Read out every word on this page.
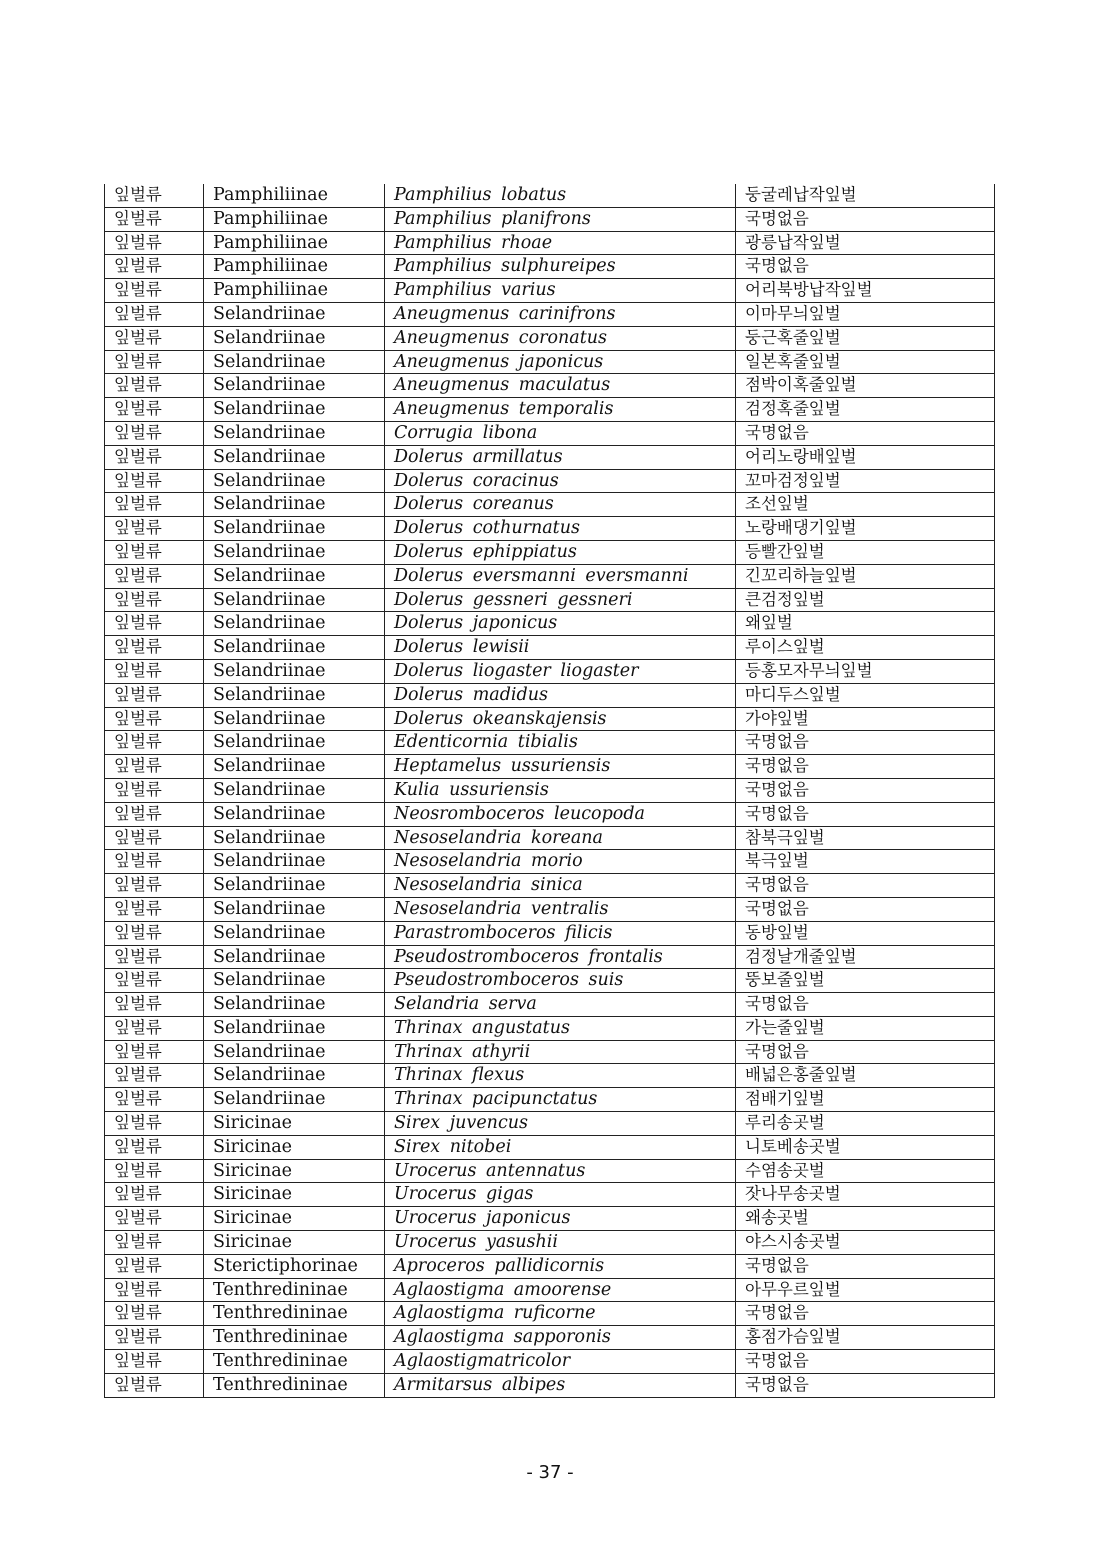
잎벌류	Pamphiliinae	Pamphilius lobatus	둥굴레납작잎벌
잎벌류	Pamphiliinae	Pamphilius planifrons	국명없음
잎벌류	Pamphiliinae	Pamphilius rhoae	광릉납작잎벌
잎벌류	Pamphiliinae	Pamphilius sulphureipes	국명없음
잎벌류	Pamphiliinae	Pamphilius varius	어리북방납작잎벌
잎벌류	Selandriinae	Aneugmenus carinifrons	이마무늬잎벌
잎벌류	Selandriinae	Aneugmenus coronatus	둥근혹줄잎벌
잎벌류	Selandriinae	Aneugmenus japonicus	일본혹줄잎벌
잎벌류	Selandriinae	Aneugmenus maculatus	점박이혹줄잎벌
잎벌류	Selandriinae	Aneugmenus temporalis	검정혹줄잎벌
잎벌류	Selandriinae	Corrugia libona	국명없음
잎벌류	Selandriinae	Dolerus armillatus	어리노랑배잎벌
잎벌류	Selandriinae	Dolerus coracinus	꼬마검정잎벌
잎벌류	Selandriinae	Dolerus coreanus	조선잎벌
잎벌류	Selandriinae	Dolerus cothurnatus	노랑배댕기잎벌
잎벌류	Selandriinae	Dolerus ephippiatus	등빨간잎벌
잎벌류	Selandriinae	Dolerus eversmanni eversmanni	긴꼬리하늘잎벌
잎벌류	Selandriinae	Dolerus gessneri gessneri	큰검정잎벌
잎벌류	Selandriinae	Dolerus japonicus	왜잎벌
잎벌류	Selandriinae	Dolerus lewisii	루이스잎벌
잎벌류	Selandriinae	Dolerus liogaster liogaster	등홍모자무늬잎벌
잎벌류	Selandriinae	Dolerus madidus	마디두스잎벌
잎벌류	Selandriinae	Dolerus okeanskajensis	가야잎벌
잎벌류	Selandriinae	Edenticornia tibialis	국명없음
잎벌류	Selandriinae	Heptamelus ussuriensis	국명없음
잎벌류	Selandriinae	Kulia ussuriensis	국명없음
잎벌류	Selandriinae	Neosromboceros leucopoda	국명없음
잎벌류	Selandriinae	Nesoselandria koreana	참북극잎벌
잎벌류	Selandriinae	Nesoselandria morio	북극잎벌
잎벌류	Selandriinae	Nesoselandria sinica	국명없음
잎벌류	Selandriinae	Nesoselandria ventralis	국명없음
잎벌류	Selandriinae	Parastromboceros filicis	동방잎벌
잎벌류	Selandriinae	Pseudostromboceros frontalis	검정날개줄잎벌
잎벌류	Selandriinae	Pseudostromboceros suis	뚱보줄잎벌
잎벌류	Selandriinae	Selandria serva	국명없음
잎벌류	Selandriinae	Thrinax angustatus	가는줄잎벌
잎벌류	Selandriinae	Thrinax athyrii	국명없음
잎벌류	Selandriinae	Thrinax flexus	배넓은홍줄잎벌
잎벌류	Selandriinae	Thrinax pacipunctatus	점배기잎벌
잎벌류	Siricinae	Sirex juvencus	루리송곳벌
잎벌류	Siricinae	Sirex nitobei	니토베송곳벌
잎벌류	Siricinae	Urocerus antennatus	수염송곳벌
잎벌류	Siricinae	Urocerus gigas	잣나무송곳벌
잎벌류	Siricinae	Urocerus japonicus	왜송곳벌
잎벌류	Siricinae	Urocerus yasushii	야스시송곳벌
잎벌류	Sterictiphorinae	Aproceros pallidicornis	국명없음
잎벌류	Tenthredininae	Aglaostigma amoorense	아무우르잎벌
잎벌류	Tenthredininae	Aglaostigma ruficorne	국명없음
잎벌류	Tenthredininae	Aglaostigma sapporonis	홍점가슴잎벌
잎벌류	Tenthredininae	Aglaostigmatricolor	국명없음
잎벌류	Tenthredininae	Armitarsus albipes	국명없음
- 37 -
